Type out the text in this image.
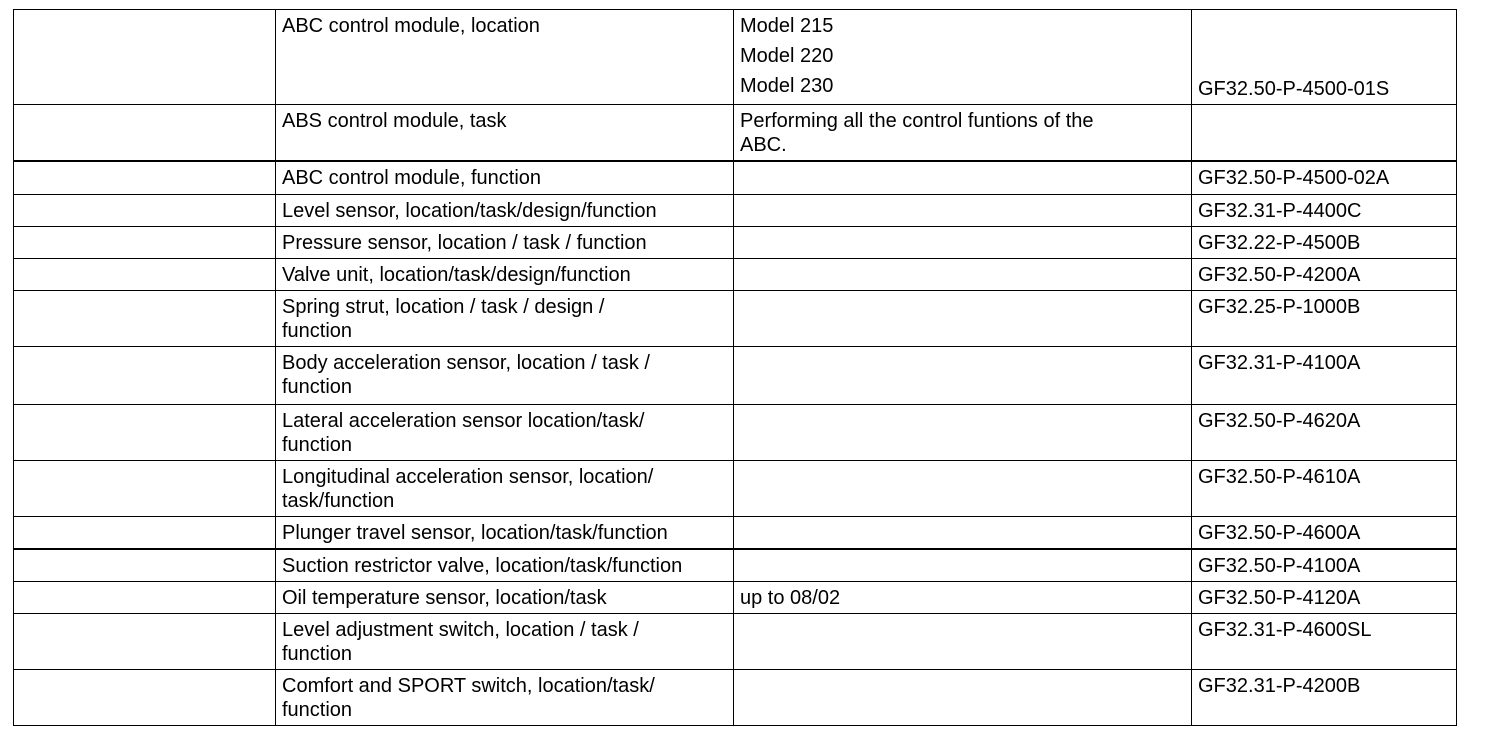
	ABC control module, location	Model 215
Model 220
Model 230	GF32.50-P-4500-01S
	ABS control module, task	Performing all the control funtions of the ABC.	
	ABC control module, function		GF32.50-P-4500-02A
	Level sensor, location/task/design/function		GF32.31-P-4400C
	Pressure sensor, location / task / function		GF32.22-P-4500B
	Valve unit, location/task/design/function		GF32.50-P-4200A
	Spring strut, location / task / design / function		GF32.25-P-1000B
	Body acceleration sensor, location / task / function		GF32.31-P-4100A
	Lateral acceleration sensor location/task/ function		GF32.50-P-4620A
	Longitudinal acceleration sensor, location/ task/function		GF32.50-P-4610A
	Plunger travel sensor, location/task/function		GF32.50-P-4600A
	Suction restrictor valve, location/task/function		GF32.50-P-4100A
	Oil temperature sensor, location/task	up to 08/02	GF32.50-P-4120A
	Level adjustment switch, location / task / function		GF32.31-P-4600SL
	Comfort and SPORT switch, location/task/ function		GF32.31-P-4200B
